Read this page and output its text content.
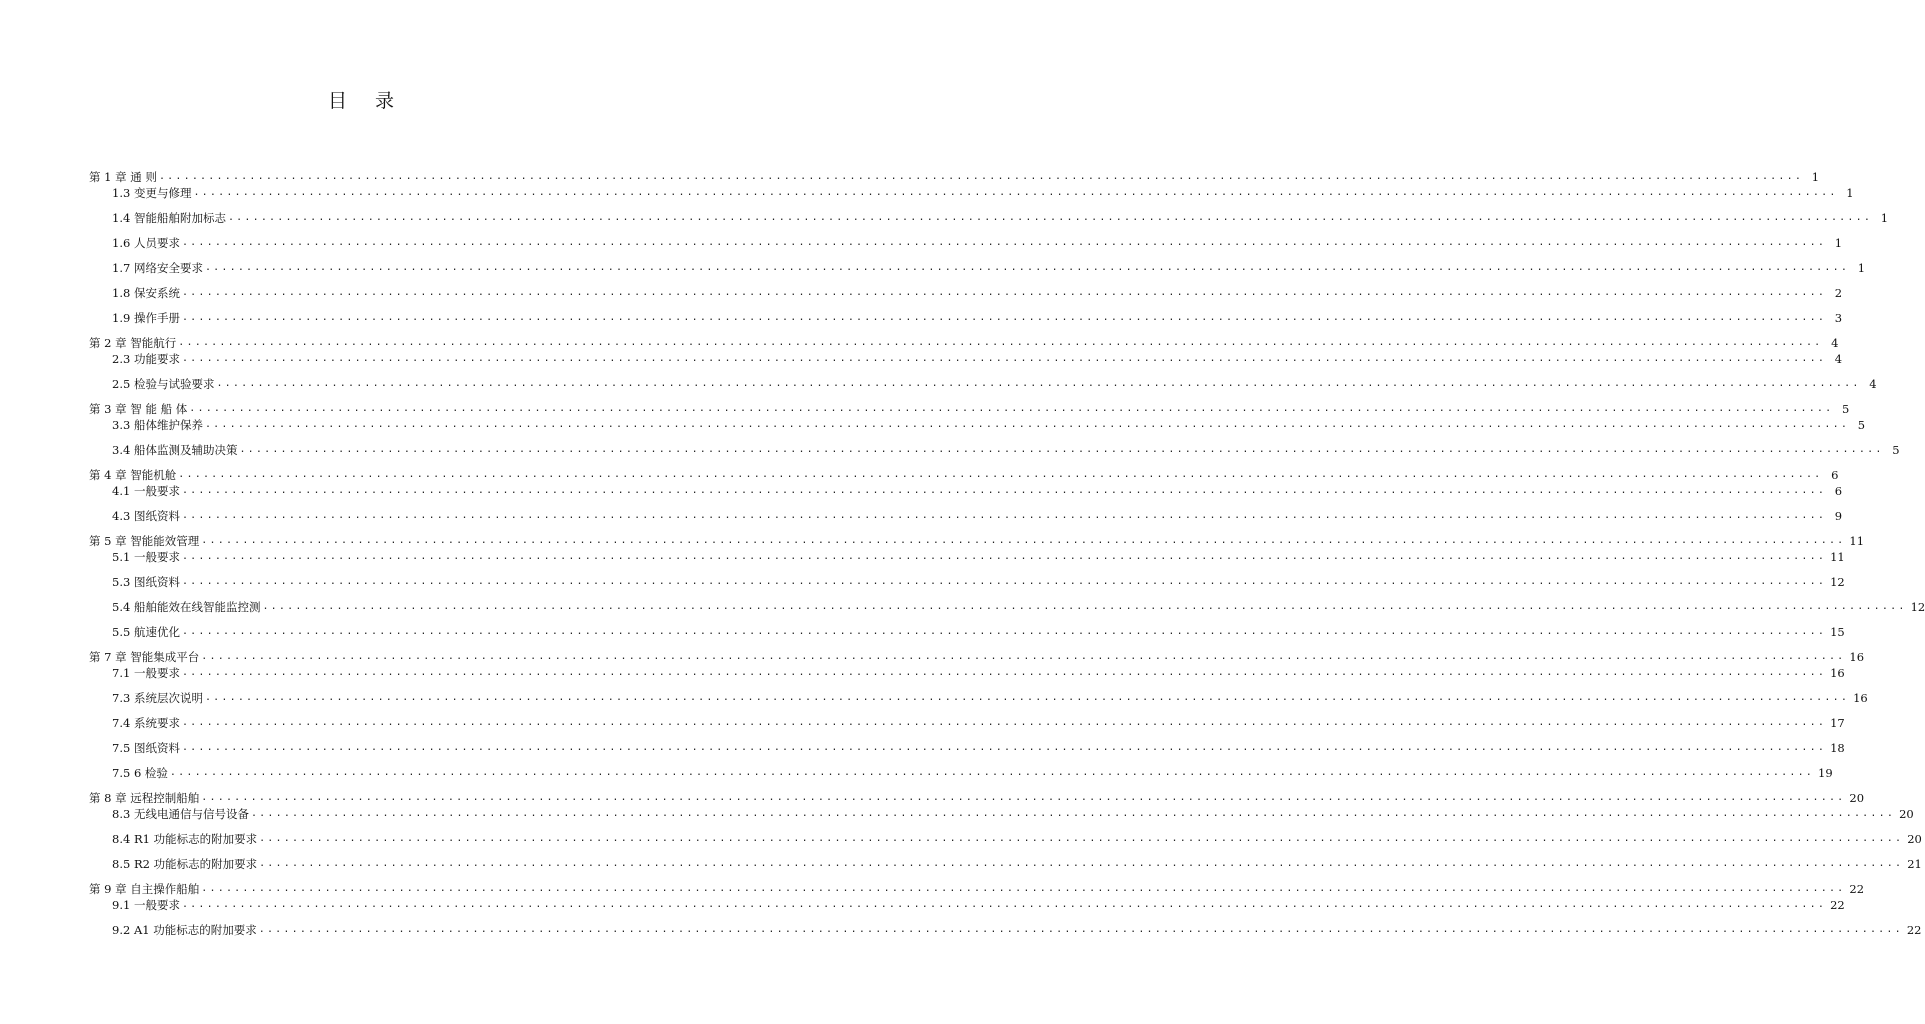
目 录
第 1 章 通 则 ........................................................................................................................................................................................................ 1
1.3 变更与修理 ........................................................................................................................................................................................................ 1
1.4 智能船舶附加标志 ........................................................................................................................................................................................................ 1
1.6 人员要求 ........................................................................................................................................................................................................ 1
1.7 网络安全要求 ........................................................................................................................................................................................................ 1
1.8 保安系统 ........................................................................................................................................................................................................ 2
1.9 操作手册 ........................................................................................................................................................................................................ 3
第 2 章 智能航行 ........................................................................................................................................................................................................ 4
2.3 功能要求 ........................................................................................................................................................................................................ 4
2.5 检验与试验要求 ........................................................................................................................................................................................................ 4
第 3 章 智 能 船 体 ........................................................................................................................................................................................................ 5
3.3 船体维护保养 ........................................................................................................................................................................................................ 5
3.4 船体监测及辅助决策 ........................................................................................................................................................................................................ 5
第 4 章 智能机舱 ........................................................................................................................................................................................................ 6
4.1 一般要求 ........................................................................................................................................................................................................ 6
4.3 图纸资料 ........................................................................................................................................................................................................ 9
第 5 章 智能能效管理 ........................................................................................................................................................................................................ 11
5.1 一般要求 ........................................................................................................................................................................................................ 11
5.3 图纸资料 ........................................................................................................................................................................................................ 12
5.4 船舶能效在线智能监控测 ........................................................................................................................................................................................................ 12
5.5 航速优化 ........................................................................................................................................................................................................ 15
第 7 章 智能集成平台 ........................................................................................................................................................................................................ 16
7.1 一般要求 ........................................................................................................................................................................................................ 16
7.3 系统层次说明 ........................................................................................................................................................................................................ 16
7.4 系统要求 ........................................................................................................................................................................................................ 17
7.5 图纸资料 ........................................................................................................................................................................................................ 18
7.5 6 检验 ........................................................................................................................................................................................................ 19
第 8 章 远程控制船舶 ........................................................................................................................................................................................................ 20
8.3 无线电通信与信号设备 ........................................................................................................................................................................................................ 20
8.4 R1 功能标志的附加要求 ........................................................................................................................................................................................................ 20
8.5 R2 功能标志的附加要求 ........................................................................................................................................................................................................ 21
第 9 章 自主操作船舶 ........................................................................................................................................................................................................ 22
9.1 一般要求 ........................................................................................................................................................................................................ 22
9.2 A1 功能标志的附加要求 ........................................................................................................................................................................................................ 22
